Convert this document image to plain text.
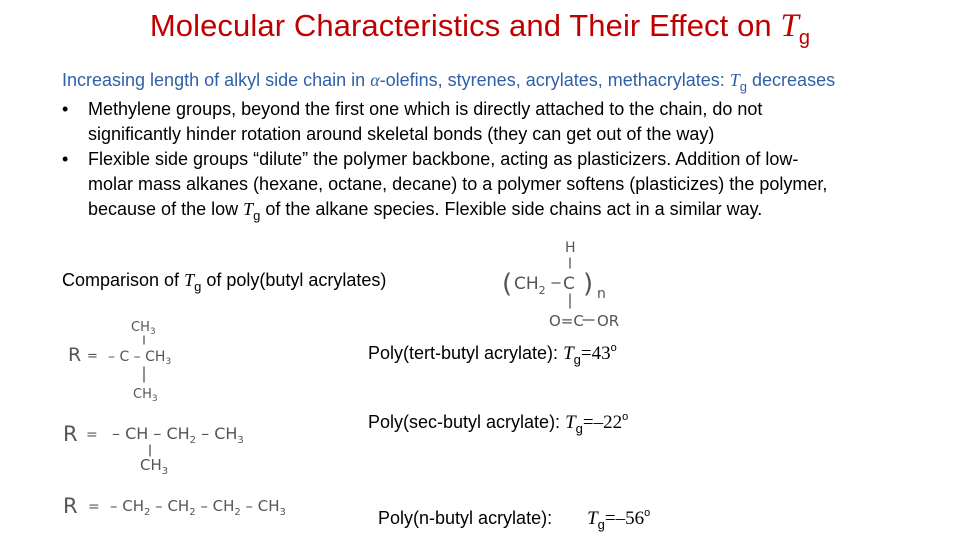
Molecular Characteristics and Their Effect on $T_g$
Increasing length of alkyl side chain in α-olefins, styrenes, acrylates, methacrylates: $T_g$ decreases
• Methylene groups, beyond the first one which is directly attached to the chain, do not
significantly hinder rotation around skeletal bonds (they can get out of the way)
• Flexible side groups “dilute” the polymer backbone, acting as plasticizers. Addition of low-
molar mass alkanes (hexane, octane, decane) to a polymer softens (plasticizes) the polymer,
because of the low $T_g$ of the alkane species. Flexible side chains act in a similar way.
Comparison of $T_g$ of poly(butyl acrylates)
H
( $CH_2$ C ) n
O=C OR
$CH_3$
R = – C – $CH_3$
$CH_3$
R = – CH – $CH_2 - CH_3$
$CH_3$
R = – $CH_2 - CH_2 - CH_2 - CH_3$
Poly(tert-butyl acrylate): $T_g=43^o$
Poly(sec-butyl acrylate): $T_g=-22^o$

Poly(n-butyl acrylate):       $T_g=-56^o$
